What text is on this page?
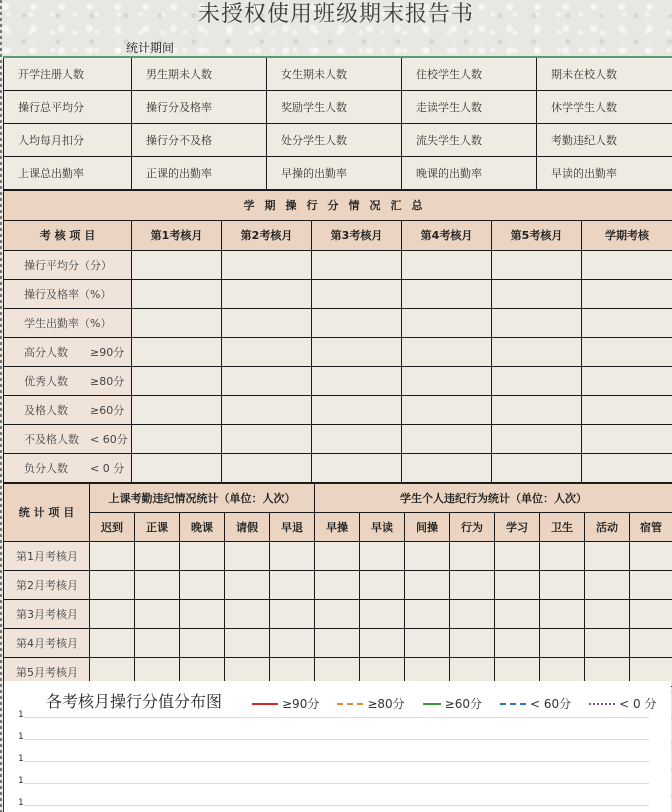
未授权使用班级期末报告书
统计期间
开学注册人数	男生期未人数	女生期未人数	住校学生人数	期未在校人数
操行总平均分	操行分及格率	奖励学生人数	走读学生人数	休学学生人数
人均每月扣分	操行分不及格	处分学生人数	流失学生人数	考勤违纪人数
上课总出勤率	正课的出勤率	早操的出勤率	晚课的出勤率	早读的出勤率
学期操行分情况汇总						
考 核 项 目	第1考核月	第2考核月	第3考核月	第4考核月	第5考核月	学期考核
操行平均分（分）						
操行及格率（%）						
学生出勤率（%）						
高分人数　　≥90分						
优秀人数　　≥80分						
及格人数　　≥60分						
不及格人数　< 60分						
负分人数　　< 0 分						
统 计 项 目	上课考勤违纪情况统计（单位：人次）					学生个人违纪行为统计（单位：人次）							
	迟到	正课	晚课	请假	早退	早操	早读	间操	行为	学习	卫生	活动	宿管
第1月考核月													
第2月考核月													
第3月考核月													
第4月考核月													
第5月考核月													
各考核月操行分值分布图	≥90分	≥80分	≥60分	< 60分	< 0 分
1
1
1
1
1
